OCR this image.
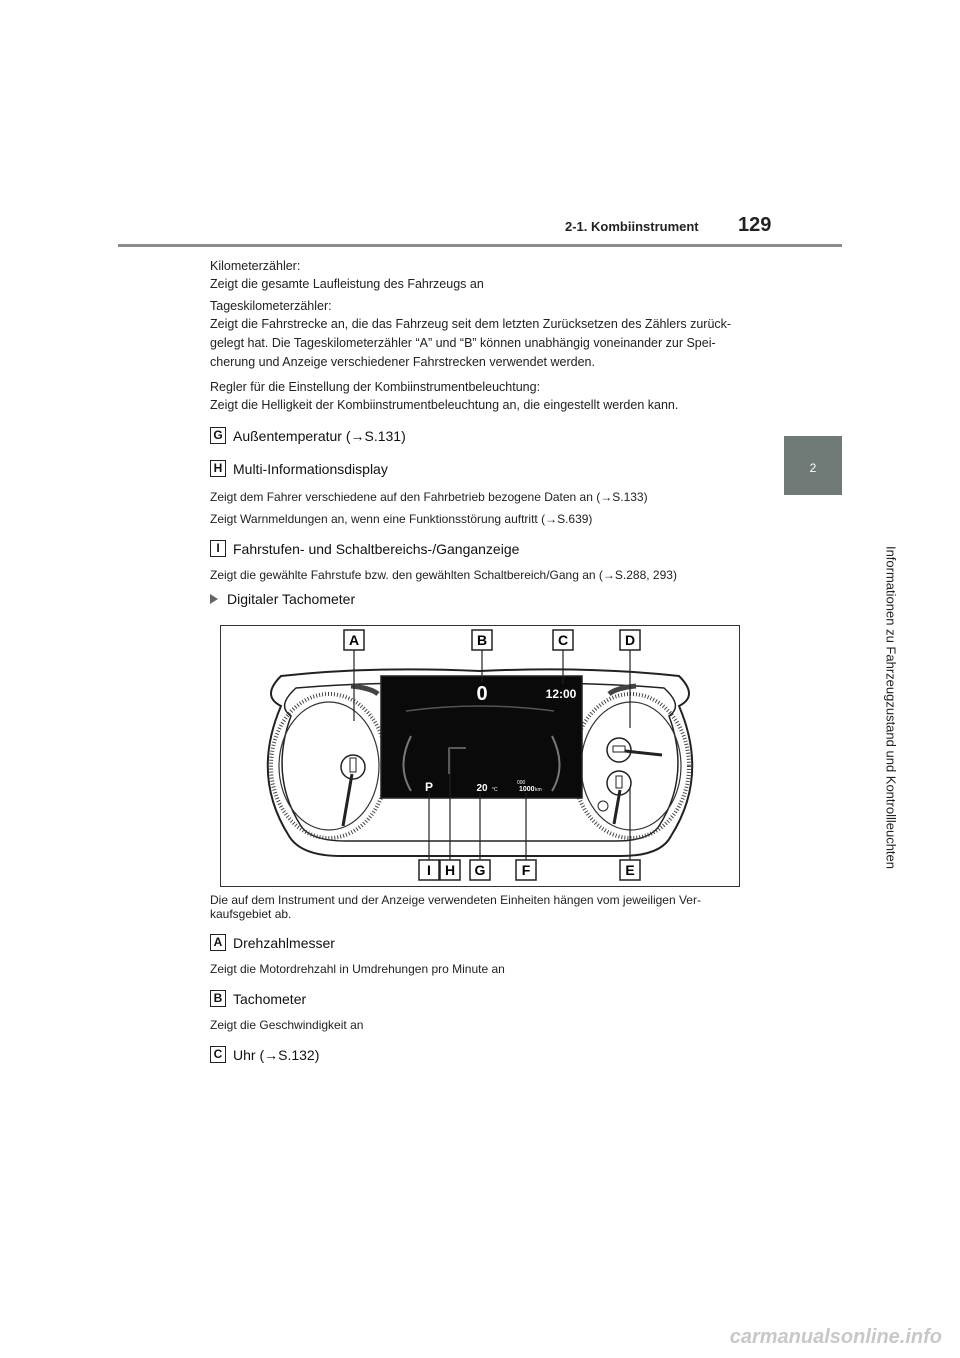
2-1. Kombiinstrument 129
2
Informationen zu Fahrzeugzustand und Kontrollleuchten
Kilometerzähler:
Zeigt die gesamte Laufleistung des Fahrzeugs an
Tageskilometerzähler:
Zeigt die Fahrstrecke an, die das Fahrzeug seit dem letzten Zurücksetzen des Zählers zurück-
gelegt hat. Die Tageskilometerzähler “A” und “B” können unabhängig voneinander zur Spei-
cherung und Anzeige verschiedener Fahrstrecken verwendet werden.
Regler für die Einstellung der Kombiinstrumentbeleuchtung:
Zeigt die Helligkeit der Kombiinstrumentbeleuchtung an, die eingestellt werden kann.
G Außentemperatur (→S.131)
H Multi-Informationsdisplay
Zeigt dem Fahrer verschiedene auf den Fahrbetrieb bezogene Daten an (→S.133)
Zeigt Warnmeldungen an, wenn eine Funktionsstörung auftritt (→S.639)
I Fahrstufen- und Schaltbereichs-/Ganganzeige
Zeigt die gewählte Fahrstufe bzw. den gewählten Schaltbereich/Gang an (→S.288, 293)
Digitaler Tachometer
0	12:00
P	20 °C
000
1000 km
A	B	C	D
I H G	F	E
Die auf dem Instrument und der Anzeige verwendeten Einheiten hängen vom jeweiligen Ver-
kaufsgebiet ab.
A Drehzahlmesser
Zeigt die Motordrehzahl in Umdrehungen pro Minute an
B Tachometer
Zeigt die Geschwindigkeit an
C Uhr (→S.132)
carmanualsonline.info
